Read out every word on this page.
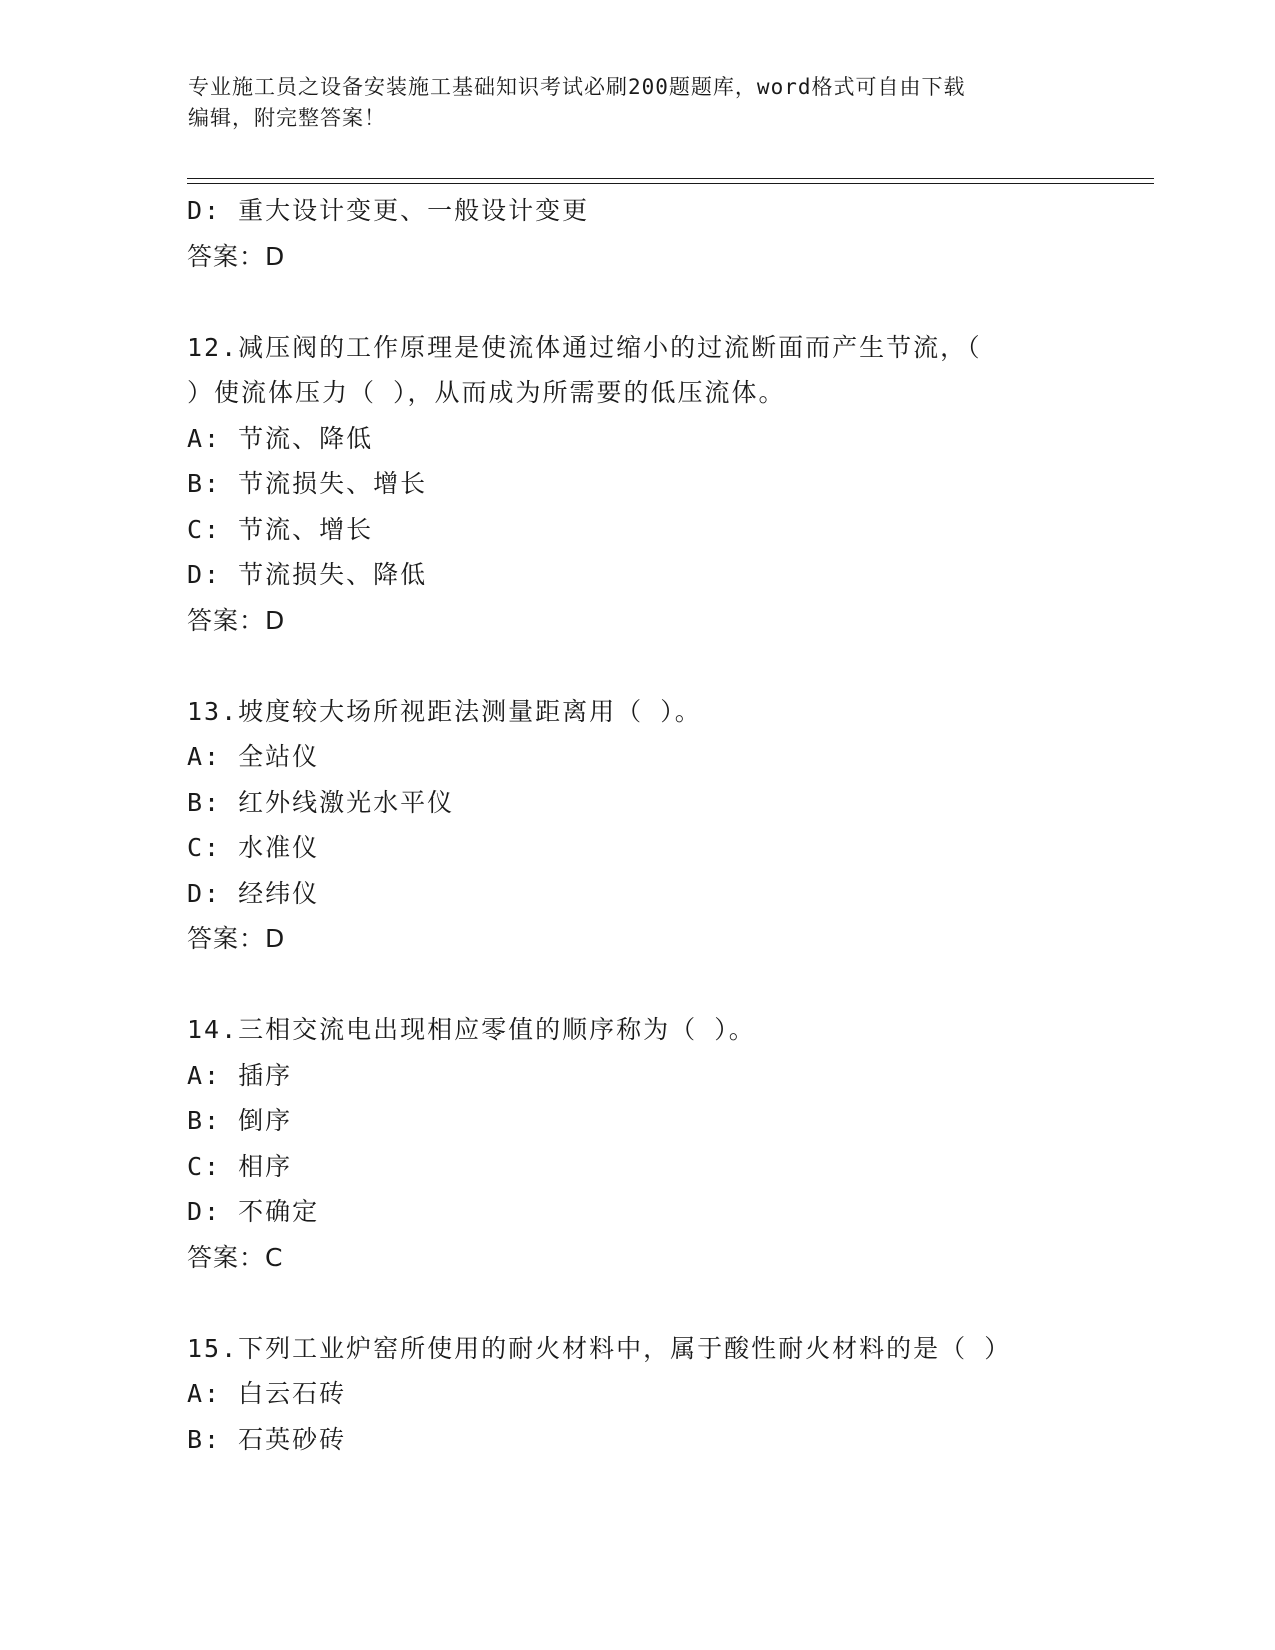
专业施工员之设备安装施工基础知识考试必刷200题题库，word格式可自由下载
编辑，附完整答案！
D: 重大设计变更、一般设计变更
答案：D
12.减压阀的工作原理是使流体通过缩小的过流断面而产生节流，（
）使流体压力（ ），从而成为所需要的低压流体。
A: 节流、降低
B: 节流损失、增长
C: 节流、增长
D: 节流损失、降低
答案：D
13.坡度较大场所视距法测量距离用（ ）。
A: 全站仪
B: 红外线激光水平仪
C: 水准仪
D: 经纬仪
答案：D
14.三相交流电出现相应零值的顺序称为（ ）。
A: 插序
B: 倒序
C: 相序
D: 不确定
答案：C
15.下列工业炉窑所使用的耐火材料中，属于酸性耐火材料的是（ ）
A: 白云石砖
B: 石英砂砖
